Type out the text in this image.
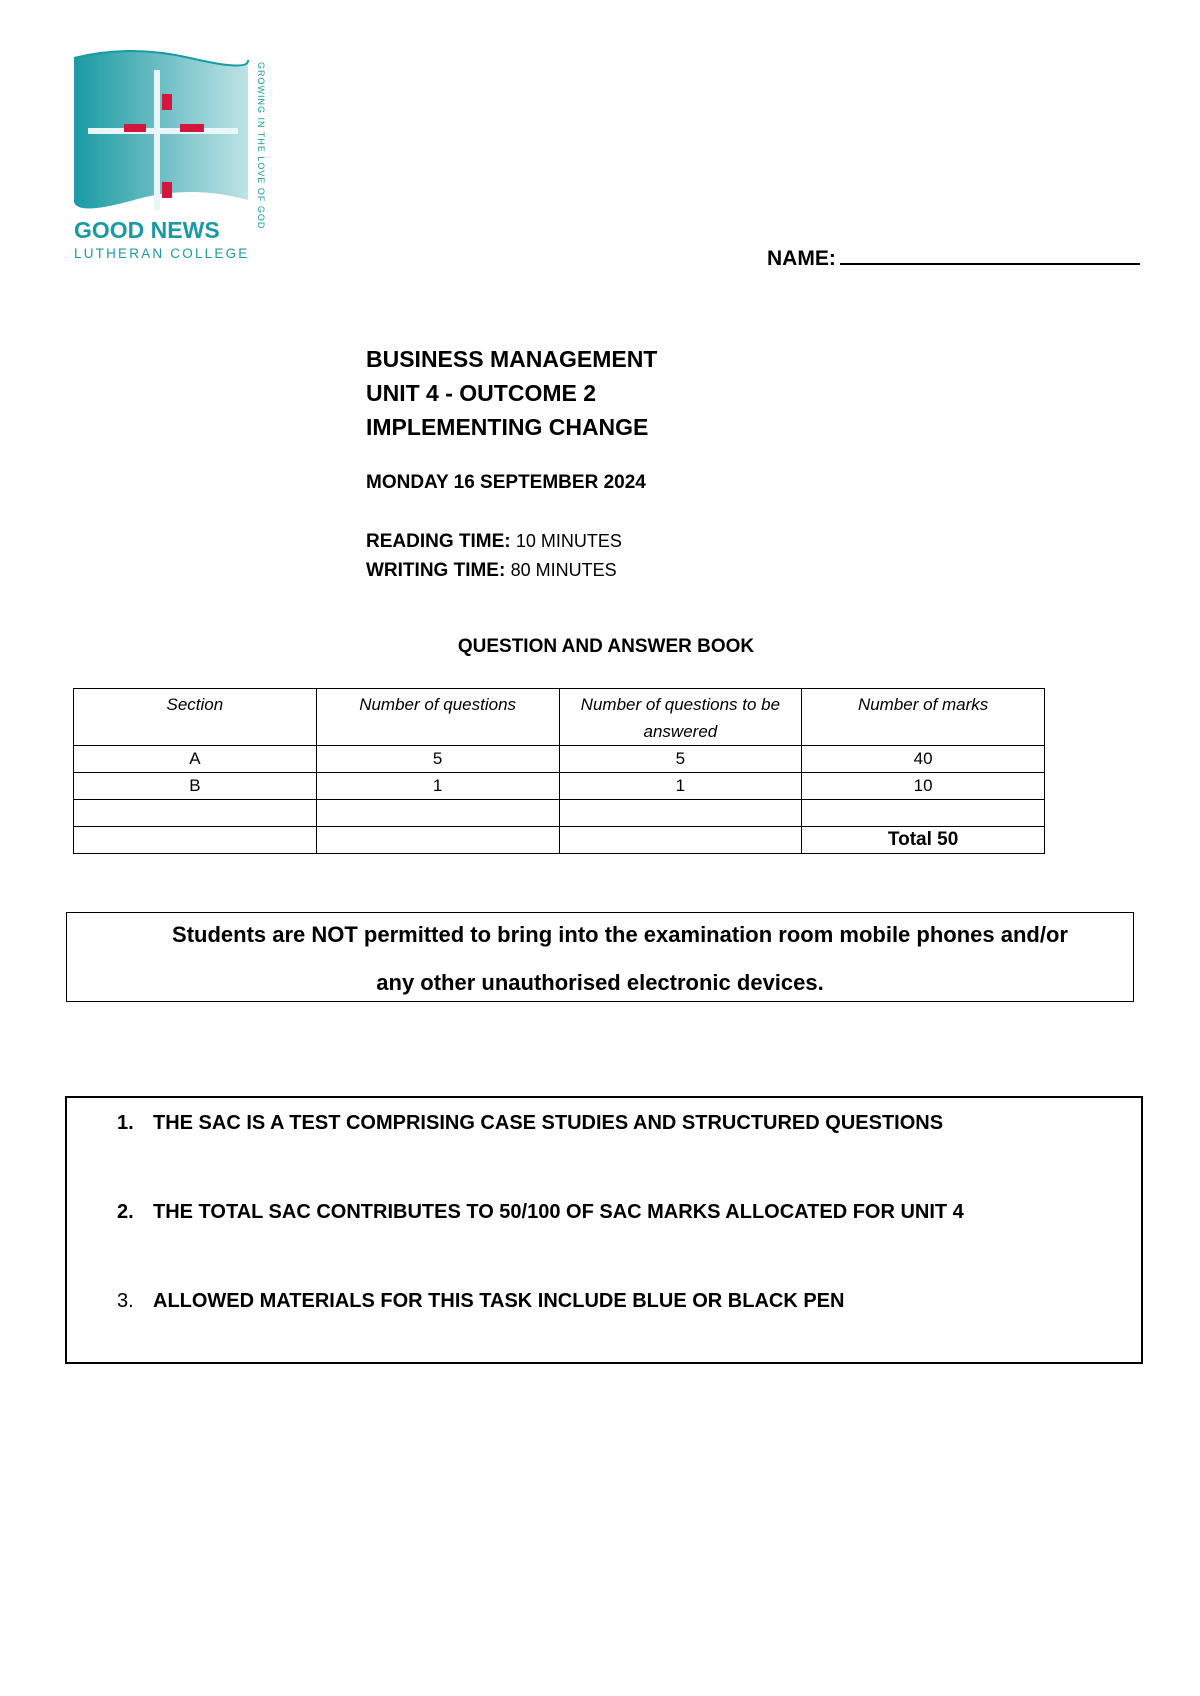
GOOD NEWS
LUTHERAN COLLEGE
GROWING IN THE LOVE OF GOD
NAME:
BUSINESS MANAGEMENT
UNIT 4 - OUTCOME 2
IMPLEMENTING CHANGE
MONDAY 16 SEPTEMBER 2024
READING TIME: 10 MINUTES
WRITING TIME: 80 MINUTES
QUESTION AND ANSWER BOOK
Section	Number of questions	Number of questions to be answered	Number of marks
A	5	5	40
B	1	1	10

			Total 50
Students are NOT permitted to bring into the examination room mobile phones and/or
any other unauthorised electronic devices.
1. THE SAC IS A TEST COMPRISING CASE STUDIES AND STRUCTURED QUESTIONS
2. THE TOTAL SAC CONTRIBUTES TO 50/100 OF SAC MARKS ALLOCATED FOR UNIT 4
3. ALLOWED MATERIALS FOR THIS TASK INCLUDE BLUE OR BLACK PEN
